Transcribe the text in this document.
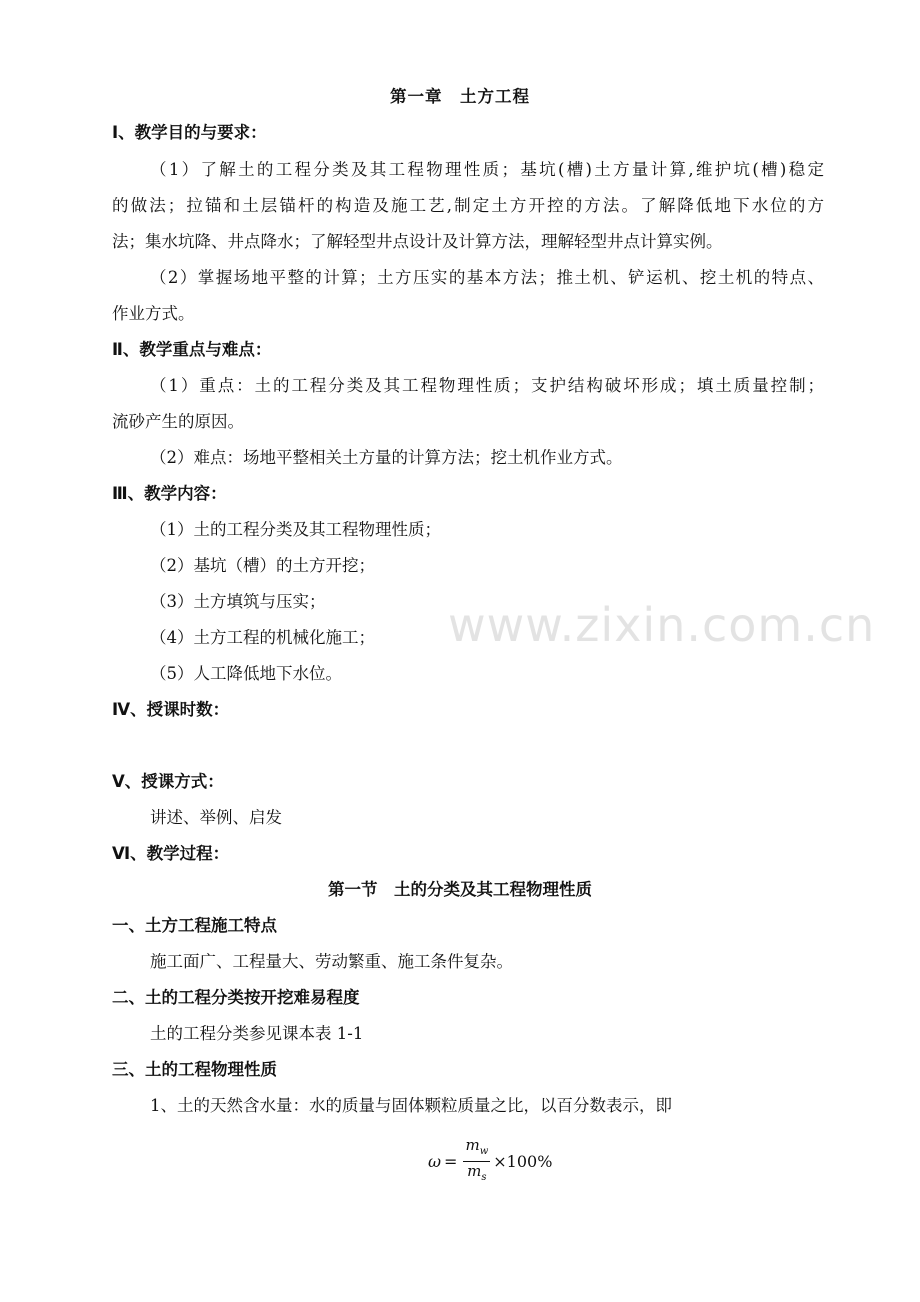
www.zixin.com.cn
第一章　土方工程
Ⅰ、教学目的与要求：
（1）了解土的工程分类及其工程物理性质；基坑(槽)土方量计算,维护坑(槽)稳定
的做法；拉锚和土层锚杆的构造及施工艺,制定土方开控的方法。了解降低地下水位的方
法；集水坑降、井点降水；了解轻型井点设计及计算方法，理解轻型井点计算实例。
（2）掌握场地平整的计算；土方压实的基本方法；推土机、铲运机、挖土机的特点、
作业方式。
Ⅱ、教学重点与难点：
（1）重点：土的工程分类及其工程物理性质；支护结构破坏形成；填土质量控制；
流砂产生的原因。
（2）难点：场地平整相关土方量的计算方法；挖土机作业方式。
Ⅲ、教学内容：
（1）土的工程分类及其工程物理性质；
（2）基坑（槽）的土方开挖；
（3）土方填筑与压实；
（4）土方工程的机械化施工；
（5）人工降低地下水位。
Ⅳ、授课时数：
Ⅴ、授课方式：
讲述、举例、启发
Ⅵ、教学过程：
第一节　土的分类及其工程物理性质
一、土方工程施工特点
施工面广、工程量大、劳动繁重、施工条件复杂。
二、土的工程分类按开挖难易程度
土的工程分类参见课本表 1-1
三、土的工程物理性质
1、土的天然含水量：水的质量与固体颗粒质量之比，以百分数表示，即
$\omega = \frac{m_w}{m_s} \times 100\%$
